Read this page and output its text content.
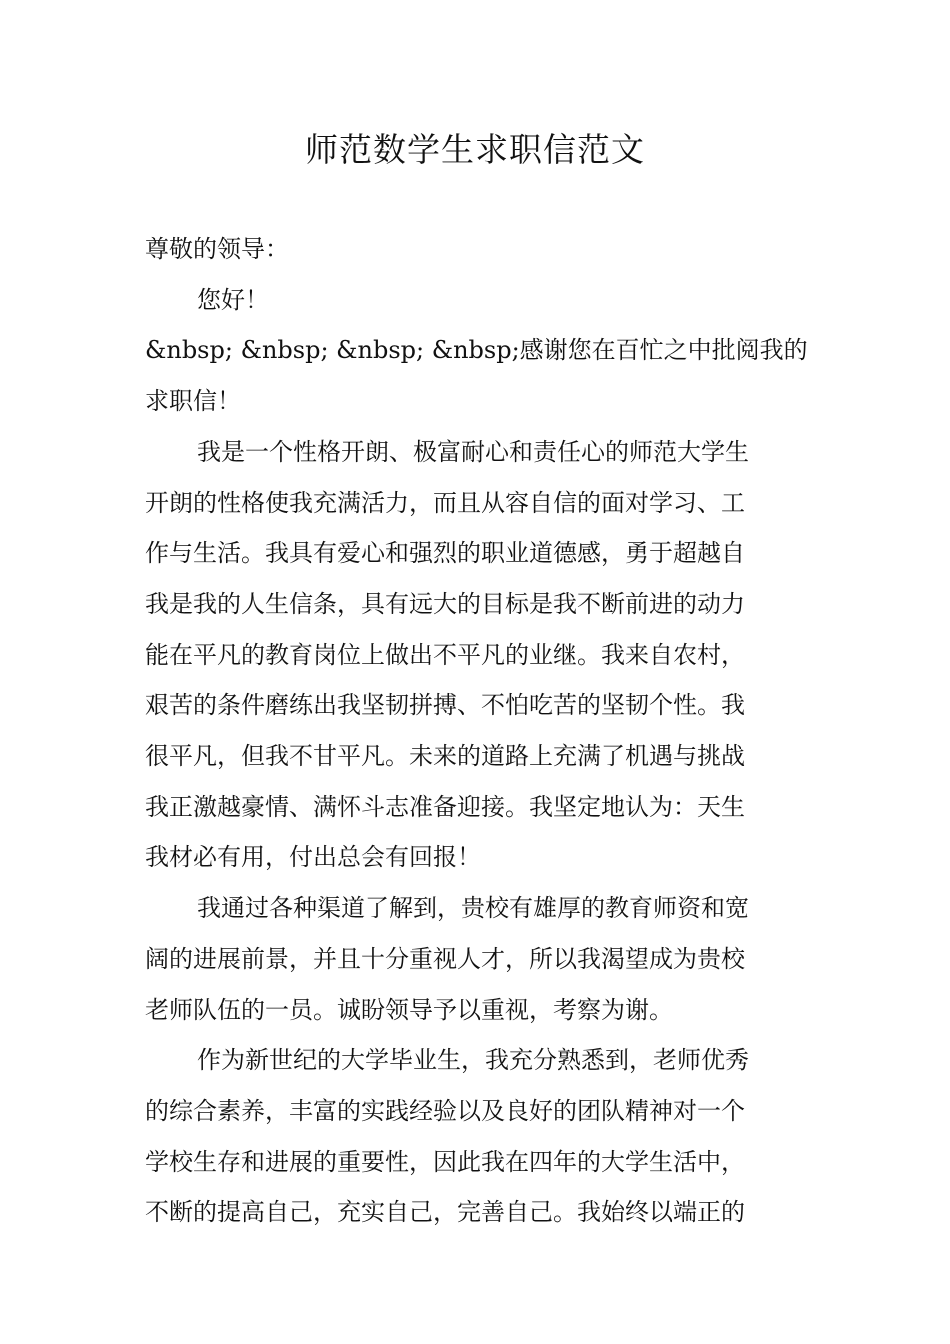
师范数学生求职信范文

尊敬的领导：

您好！

&nbsp; &nbsp; &nbsp; &nbsp;感谢您在百忙之中批阅我的
求职信！

我是一个性格开朗、极富耐心和责任心的师范大学生
开朗的性格使我充满活力，而且从容自信的面对学习、工
作与生活。我具有爱心和强烈的职业道德感，勇于超越自
我是我的人生信条，具有远大的目标是我不断前进的动力
能在平凡的教育岗位上做出不平凡的业继。我来自农村，
艰苦的条件磨练出我坚韧拼搏、不怕吃苦的坚韧个性。我
很平凡，但我不甘平凡。未来的道路上充满了机遇与挑战
我正激越豪情、满怀斗志准备迎接。我坚定地认为：天生
我材必有用，付出总会有回报！

我通过各种渠道了解到，贵校有雄厚的教育师资和宽
阔的进展前景，并且十分重视人才，所以我渴望成为贵校
老师队伍的一员。诚盼领导予以重视，考察为谢。

作为新世纪的大学毕业生，我充分熟悉到，老师优秀
的综合素养，丰富的实践经验以及良好的团队精神对一个
学校生存和进展的重要性，因此我在四年的大学生活中，
不断的提高自己，充实自己，完善自己。我始终以端正的
